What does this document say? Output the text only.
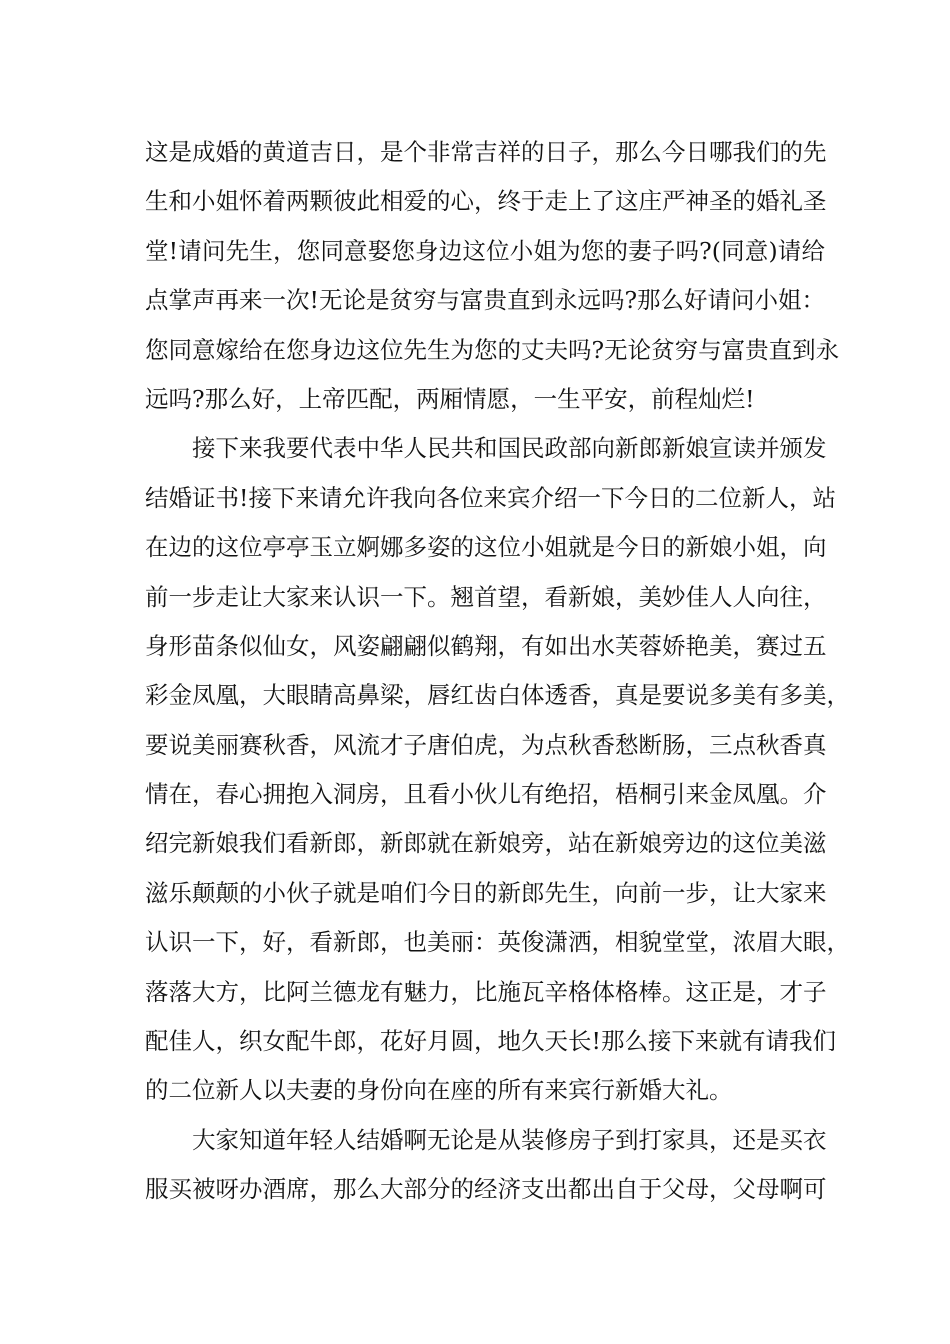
这是成婚的黄道吉日，是个非常吉祥的日子，那么今日哪我们的先
生和小姐怀着两颗彼此相爱的心，终于走上了这庄严神圣的婚礼圣
堂!请问先生，您同意娶您身边这位小姐为您的妻子吗?(同意)请给
点掌声再来一次!无论是贫穷与富贵直到永远吗?那么好请问小姐：
您同意嫁给在您身边这位先生为您的丈夫吗?无论贫穷与富贵直到永
远吗?那么好，上帝匹配，两厢情愿，一生平安，前程灿烂!
接下来我要代表中华人民共和国民政部向新郎新娘宣读并颁发
结婚证书!接下来请允许我向各位来宾介绍一下今日的二位新人，站
在边的这位亭亭玉立婀娜多姿的这位小姐就是今日的新娘小姐，向
前一步走让大家来认识一下。翘首望，看新娘，美妙佳人人向往，
身形苗条似仙女，风姿翩翩似鹤翔，有如出水芙蓉娇艳美，赛过五
彩金凤凰，大眼睛高鼻梁，唇红齿白体透香，真是要说多美有多美，
要说美丽赛秋香，风流才子唐伯虎，为点秋香愁断肠，三点秋香真
情在，春心拥抱入洞房，且看小伙儿有绝招，梧桐引来金凤凰。介
绍完新娘我们看新郎，新郎就在新娘旁，站在新娘旁边的这位美滋
滋乐颠颠的小伙子就是咱们今日的新郎先生，向前一步，让大家来
认识一下，好，看新郎，也美丽：英俊潇洒，相貌堂堂，浓眉大眼，
落落大方，比阿兰德龙有魅力，比施瓦辛格体格棒。这正是，才子
配佳人，织女配牛郎，花好月圆，地久天长!那么接下来就有请我们
的二位新人以夫妻的身份向在座的所有来宾行新婚大礼。
大家知道年轻人结婚啊无论是从装修房子到打家具，还是买衣
服买被呀办酒席，那么大部分的经济支出都出自于父母，父母啊可
